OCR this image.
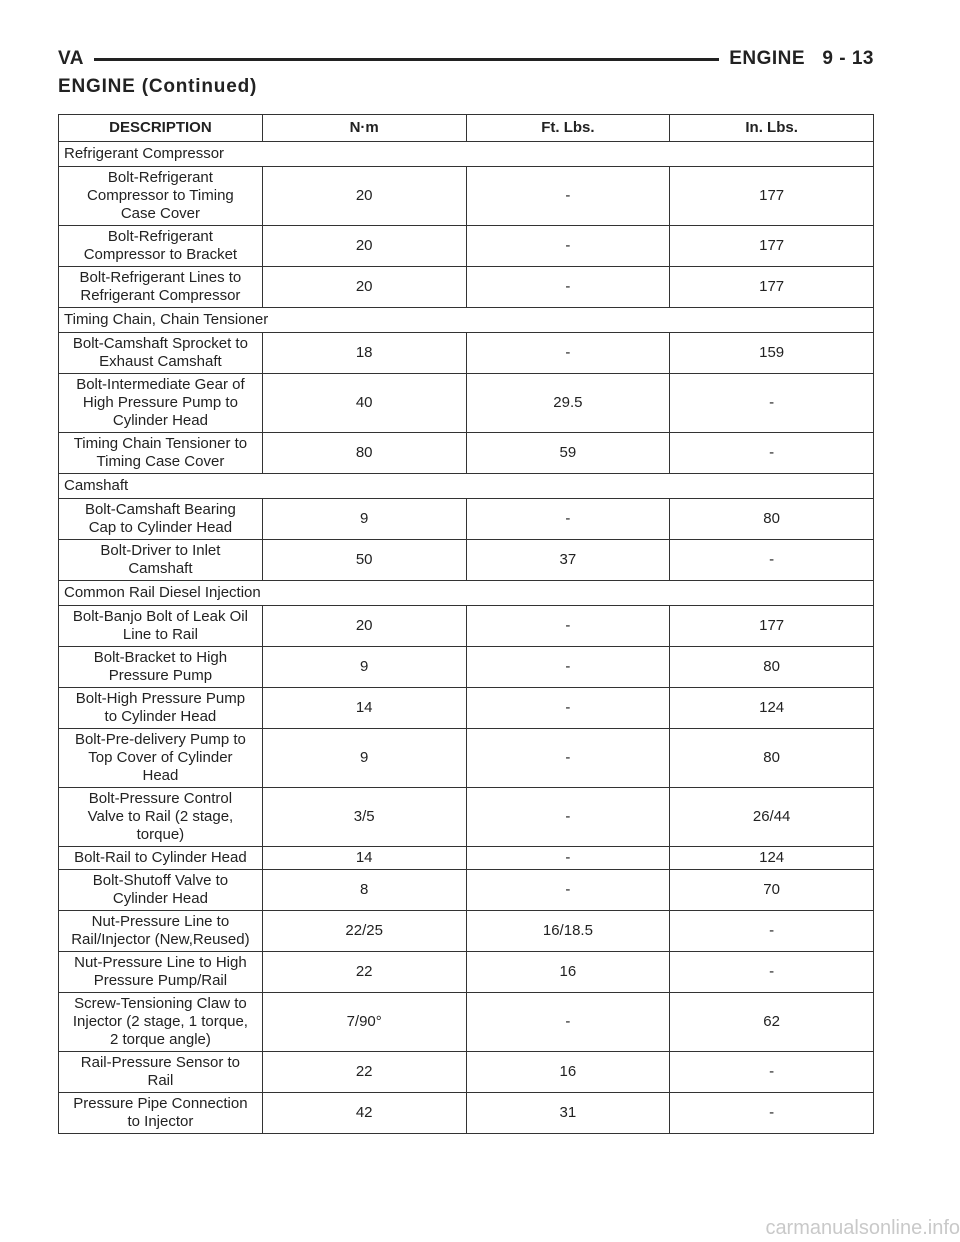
VA	ENGINE   9 - 13
ENGINE (Continued)
DESCRIPTION	N·m	Ft. Lbs.	In. Lbs.
Refrigerant Compressor			
Bolt-Refrigerant
Compressor to Timing
Case Cover	20	-	177
Bolt-Refrigerant
Compressor to Bracket	20	-	177
Bolt-Refrigerant Lines to
Refrigerant Compressor	20	-	177
Timing Chain, Chain Tensioner			
Bolt-Camshaft Sprocket to
Exhaust Camshaft	18	-	159
Bolt-Intermediate Gear of
High Pressure Pump to
Cylinder Head	40	29.5	-
Timing Chain Tensioner to
Timing Case Cover	80	59	-
Camshaft			
Bolt-Camshaft Bearing
Cap to Cylinder Head	9	-	80
Bolt-Driver to Inlet
Camshaft	50	37	-
Common Rail Diesel Injection			
Bolt-Banjo Bolt of Leak Oil
Line to Rail	20	-	177
Bolt-Bracket to High
Pressure Pump	9	-	80
Bolt-High Pressure Pump
to Cylinder Head	14	-	124
Bolt-Pre-delivery Pump to
Top Cover of Cylinder
Head	9	-	80
Bolt-Pressure Control
Valve to Rail (2 stage,
torque)	3/5	-	26/44
Bolt-Rail to Cylinder Head	14	-	124
Bolt-Shutoff Valve to
Cylinder Head	8	-	70
Nut-Pressure Line to
Rail/Injector (New,Reused)	22/25	16/18.5	-
Nut-Pressure Line to High
Pressure Pump/Rail	22	16	-
Screw-Tensioning Claw to
Injector (2 stage, 1 torque,
2 torque angle)	7/90°	-	62
Rail-Pressure Sensor to
Rail	22	16	-
Pressure Pipe Connection
to Injector	42	31	-
carmanualsonline.info
